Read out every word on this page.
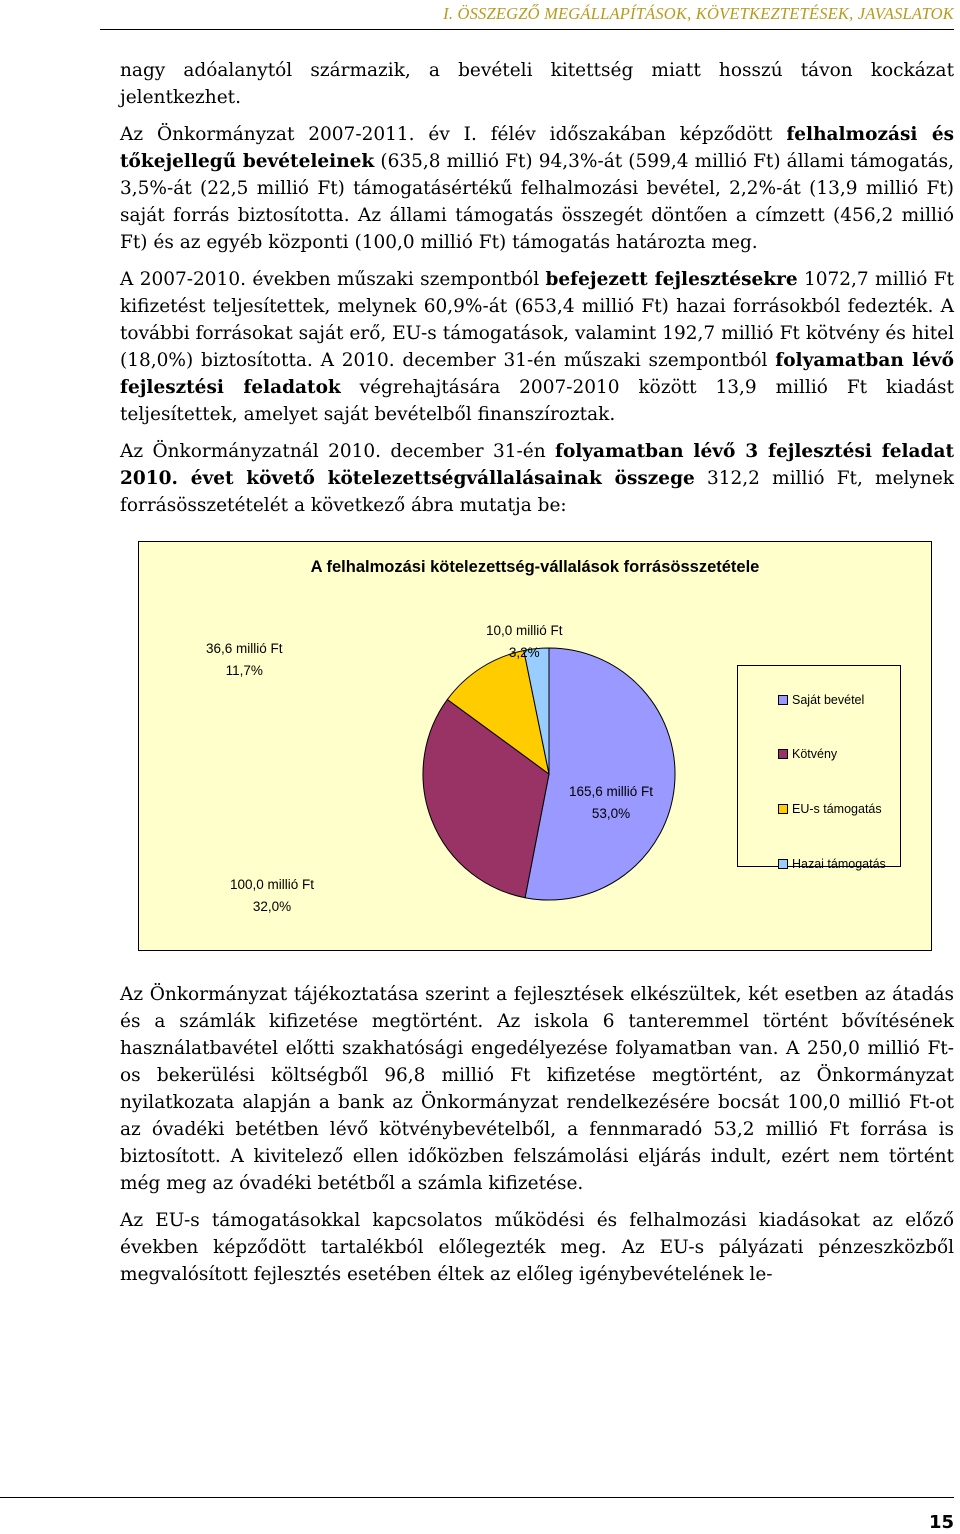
I. ÖSSZEGZŐ MEGÁLLAPÍTÁSOK, KÖVETKEZTETÉSEK, JAVASLATOK

nagy adóalanytól származik, a bevételi kitettség miatt hosszú távon kockázat jelentkezhet.

Az Önkormányzat 2007-2011. év I. félév időszakában képződött felhalmozási és tőkejellegű bevételeinek (635,8 millió Ft) 94,3%-át (599,4 millió Ft) állami támogatás, 3,5%-át (22,5 millió Ft) támogatásértékű felhalmozási bevétel, 2,2%-át (13,9 millió Ft) saját forrás biztosította. Az állami támogatás összegét döntően a címzett (456,2 millió Ft) és az egyéb központi (100,0 millió Ft) támogatás határozta meg.

A 2007-2010. években műszaki szempontból befejezett fejlesztésekre 1072,7 millió Ft kifizetést teljesítettek, melynek 60,9%-át (653,4 millió Ft) hazai forrásokból fedezték. A további forrásokat saját erő, EU-s támogatások, valamint 192,7 millió Ft kötvény és hitel (18,0%) biztosította. A 2010. december 31-én műszaki szempontból folyamatban lévő fejlesztési feladatok végrehajtására 2007-2010 között 13,9 millió Ft kiadást teljesítettek, amelyet saját bevételből finanszíroztak.

Az Önkormányzatnál 2010. december 31-én folyamatban lévő 3 fejlesztési feladat 2010. évet követő kötelezettségvállalásainak összege 312,2 millió Ft, melynek forrásösszetételét a következő ábra mutatja be:

A felhalmozási kötelezettség-vállalások forrásösszetétele
165,6 millió Ft
53,0%
100,0 millió Ft
32,0%
36,6 millió Ft
11,7%
10,0 millió Ft
3,2%
Saját bevétel
Kötvény
EU-s támogatás
Hazai támogatás

Az Önkormányzat tájékoztatása szerint a fejlesztések elkészültek, két esetben az átadás és a számlák kifizetése megtörtént. Az iskola 6 tanteremmel történt bővítésének használatbavétel előtti szakhatósági engedélyezése folyamatban van. A 250,0 millió Ft-os bekerülési költségből 96,8 millió Ft kifizetése megtörtént, az Önkormányzat nyilatkozata alapján a bank az Önkormányzat rendelkezésére bocsát 100,0 millió Ft-ot az óvadéki betétben lévő kötvénybevételből, a fennmaradó 53,2 millió Ft forrása is biztosított. A kivitelező ellen időközben felszámolási eljárás indult, ezért nem történt még meg az óvadéki betétből a számla kifizetése.

Az EU-s támogatásokkal kapcsolatos működési és felhalmozási kiadásokat az előző években képződött tartalékból előlegezték meg. Az EU-s pályázati pénzeszközből megvalósított fejlesztés esetében éltek az előleg igénybevételének le-

15
